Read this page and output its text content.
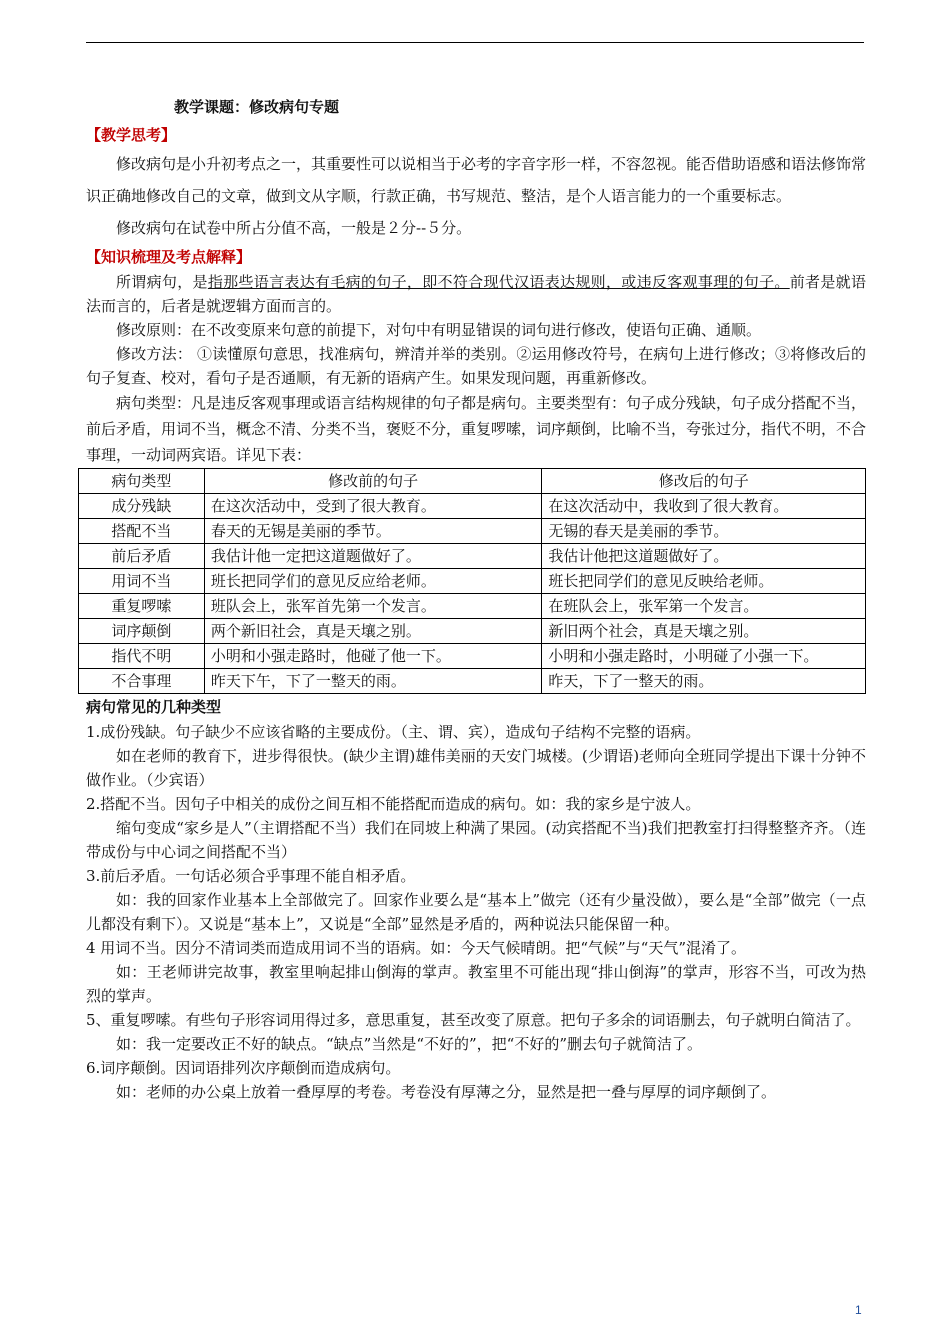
教学课题：修改病句专题
【教学思考】

修改病句是小升初考点之一，其重要性可以说相当于必考的字音字形一样，不容忽视。能否借助语感和语法修饰常识正确地修改自己的文章，做到文从字顺，行款正确，书写规范、整洁，是个人语言能力的一个重要标志。

修改病句在试卷中所占分值不高，一般是２分--５分。

【知识梳理及考点解释】

所谓病句，是指那些语言表达有毛病的句子，即不符合现代汉语表达规则，或违反客观事理的句子。前者是就语法而言的，后者是就逻辑方面而言的。

修改原则：在不改变原来句意的前提下，对句中有明显错误的词句进行修改，使语句正确、通顺。

修改方法： ①读懂原句意思，找准病句，辨清并举的类别。②运用修改符号，在病句上进行修改；③将修改后的句子复查、校对，看句子是否通顺，有无新的语病产生。如果发现问题，再重新修改。

病句类型：凡是违反客观事理或语言结构规律的句子都是病句。主要类型有：句子成分残缺，句子成分搭配不当，前后矛盾，用词不当，概念不清、分类不当，褒贬不分，重复啰嗦，词序颠倒，比喻不当，夸张过分，指代不明，不合事理，一动词两宾语。详见下表：

病句类型	修改前的句子	修改后的句子
成分残缺	在这次活动中，受到了很大教育。	在这次活动中，我收到了很大教育。
搭配不当	春天的无锡是美丽的季节。	无锡的春天是美丽的季节。
前后矛盾	我估计他一定把这道题做好了。	我估计他把这道题做好了。
用词不当	班长把同学们的意见反应给老师。	班长把同学们的意见反映给老师。
重复啰嗦	班队会上，张军首先第一个发言。	在班队会上，张军第一个发言。
词序颠倒	两个新旧社会，真是天壤之别。	新旧两个社会，真是天壤之别。
指代不明	小明和小强走路时，他碰了他一下。	小明和小强走路时，小明碰了小强一下。
不合事理	昨天下午，下了一整天的雨。	昨天，下了一整天的雨。
病句常见的几种类型

1.成份残缺。句子缺少不应该省略的主要成份。（主、谓、宾），造成句子结构不完整的语病。

如在老师的教育下，进步得很快。(缺少主谓)雄伟美丽的天安门城楼。(少谓语)老师向全班同学提出下课十分钟不做作业。（少宾语）

2.搭配不当。因句子中相关的成份之间互相不能搭配而造成的病句。如：我的家乡是宁波人。

缩句变成“家乡是人”（主谓搭配不当）我们在同坡上种满了果园。(动宾搭配不当)我们把教室打扫得整整齐齐。（连带成份与中心词之间搭配不当）

3.前后矛盾。一句话必须合乎事理不能自相矛盾。

如：我的回家作业基本上全部做完了。回家作业要么是“基本上”做完（还有少量没做），要么是“全部”做完（一点儿都没有剩下）。又说是“基本上”，又说是“全部”显然是矛盾的，两种说法只能保留一种。

4 用词不当。因分不清词类而造成用词不当的语病。如：今天气候晴朗。把“气候”与“天气”混淆了。

如：王老师讲完故事，教室里响起排山倒海的掌声。教室里不可能出现“排山倒海”的掌声，形容不当，可改为热烈的掌声。

5、重复啰嗦。有些句子形容词用得过多，意思重复，甚至改变了原意。把句子多余的词语删去，句子就明白简洁了。

如：我一定要改正不好的缺点。“缺点”当然是“不好的”，把“不好的”删去句子就简洁了。

6.词序颠倒。因词语排列次序颠倒而造成病句。

如：老师的办公桌上放着一叠厚厚的考卷。考卷没有厚薄之分，显然是把一叠与厚厚的词序颠倒了。

1
